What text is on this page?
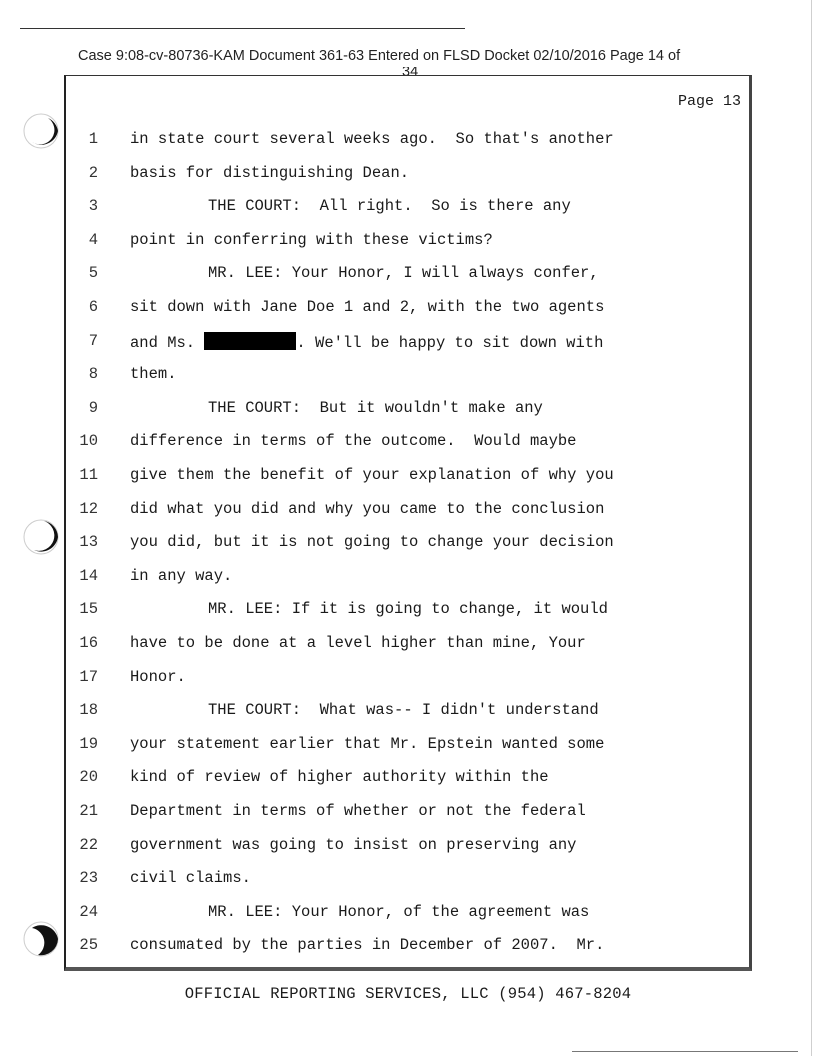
Case 9:08-cv-80736-KAM Document 361-63 Entered on FLSD Docket 02/10/2016 Page 14 of
34
Page 13
1 in state court several weeks ago.  So that's another
2 basis for distinguishing Dean.
3	THE COURT:  All right.  So is there any
4 point in conferring with these victims?
5	MR. LEE: Your Honor, I will always confer,
6 sit down with Jane Doe 1 and 2, with the two agents
7 and Ms.	. We'll be happy to sit down with
8 them.
9	THE COURT:  But it wouldn't make any
10 difference in terms of the outcome.  Would maybe
11 give them the benefit of your explanation of why you
12 did what you did and why you came to the conclusion
13 you did, but it is not going to change your decision
14 in any way.
15	MR. LEE: If it is going to change, it would
16 have to be done at a level higher than mine, Your
17 Honor.
18	THE COURT:  What was-- I didn't understand
19 your statement earlier that Mr. Epstein wanted some
20 kind of review of higher authority within the
21 Department in terms of whether or not the federal
22 government was going to insist on preserving any
23 civil claims.
24	MR. LEE: Your Honor, of the agreement was
25 consumated by the parties in December of 2007.  Mr.
OFFICIAL REPORTING SERVICES, LLC (954) 467-8204
